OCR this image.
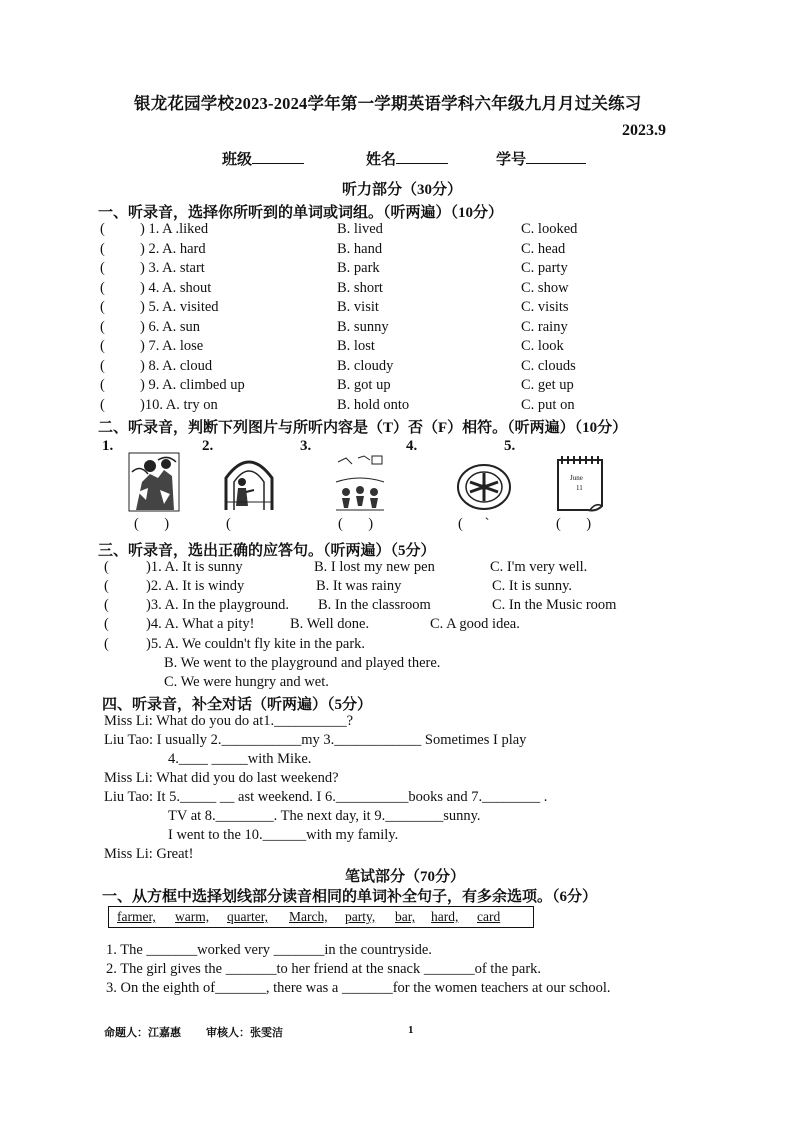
银龙花园学校2023-2024学年第一学期英语学科六年级九月月过关练习
2023.9
班级	姓名	学号
听力部分（30分）
一、听录音，选择你所听到的单词或词组。（听两遍）（10分）
( ) 1. A .liked	B. lived	C. looked
( ) 2. A. hard	B. hand	C. head
( ) 3. A. start	B. park	C. party
( ) 4. A. shout	B. short	C. show
( ) 5. A. visited	B. visit	C. visits
( ) 6. A. sun	B. sunny	C. rainy
( ) 7. A. lose	B. lost	C. look
( ) 8. A. cloud	B. cloudy	C. clouds
( ) 9. A. climbed up	B. got up	C. get up
( )10. A. try on	B. hold onto	C. put on
二、听录音，判断下列图片与所听内容是（T）否（F）相符。（听两遍）（10分）
1.	2.	3.	4.	5.
June
11
(       )	(	(       )	(      `	(       )
三、听录音，选出正确的应答句。（听两遍）（5分）
(	)1. A. It is sunny	B. I lost my new pen	C. I'm very well.
(	)2. A. It is windy	B. It was rainy	C. It is sunny.
(	)3. A. In the playground. B. In the classroom	C. In the Music room
(	)4. A. What a pity! B. Well done.	C. A good idea.
(	)5. A. We couldn't fly kite in the park.
B. We went to the playground and played there.
C. We were hungry and wet.
四、听录音，补全对话（听两遍）（5分）
Miss Li: What do you do at1.__________?
Liu Tao: I usually 2.___________my 3.____________ Sometimes I play
4.____ _____with Mike.
Miss Li: What did you do last weekend?
Liu Tao: It 5._____ __ ast weekend. I 6.__________books and 7.________ .
TV at 8.________. The next day, it 9.________sunny.
I went to the 10.______with my family.
Miss Li: Great!
笔试部分（70分）
一、从方框中选择划线部分读音相同的单词补全句子，有多余选项。（6分）
farmer, warm, quarter, March, party, bar, hard, card
1. The _______worked very _______in the countryside.
2. The girl gives the _______to her friend at the snack _______of the park.
3. On the eighth of_______, there was a _______for the women teachers at our school.
命题人：江嘉惠 审核人：张雯洁	1
